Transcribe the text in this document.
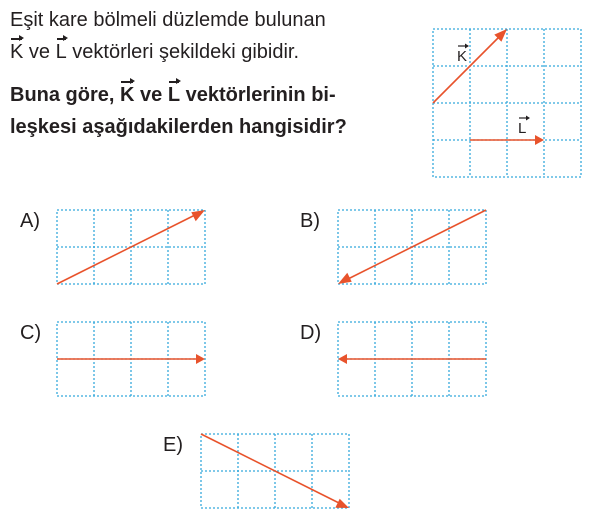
Eşit kare bölmeli düzlemde bulunan
K ve L vektörleri şekildeki gibidir.
Buna göre, K ve L vektörlerinin bi-
leşkesi aşağıdakilerden hangisidir?
K
L
A)	B)
C)	D)
E)
